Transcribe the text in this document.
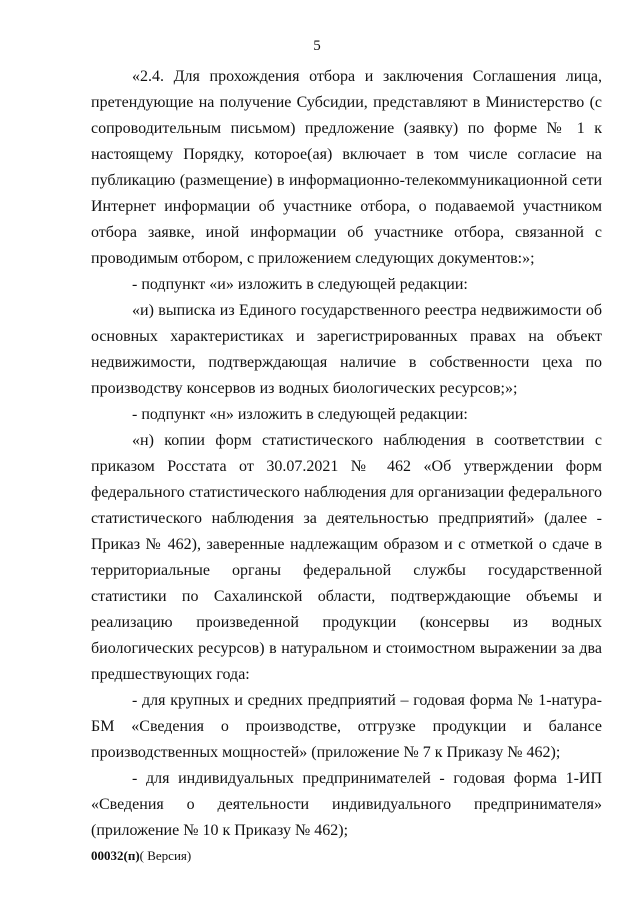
5

«2.4. Для прохождения отбора и заключения Соглашения лица, претендующие на получение Субсидии, представляют в Министерство (с сопроводительным письмом) предложение (заявку) по форме № 1 к настоящему Порядку, которое(ая) включает в том числе согласие на публикацию (размещение) в информационно-телекоммуникационной сети Интернет информации об участнике отбора, о подаваемой участником отбора заявке, иной информации об участнике отбора, связанной с проводимым отбором, с приложением следующих документов:»;

- подпункт «и» изложить в следующей редакции:

«и) выписка из Единого государственного реестра недвижимости об основных характеристиках и зарегистрированных правах на объект недвижимости, подтверждающая наличие в собственности цеха по производству консервов из водных биологических ресурсов;»;

- подпункт «н» изложить в следующей редакции:

«н) копии форм статистического наблюдения в соответствии с приказом Росстата от 30.07.2021 № 462 «Об утверждении форм федерального статистического наблюдения для организации федерального статистического наблюдения за деятельностью предприятий» (далее - Приказ № 462), заверенные надлежащим образом и с отметкой о сдаче в территориальные органы федеральной службы государственной статистики по Сахалинской области, подтверждающие объемы и реализацию произведенной продукции (консервы из водных биологических ресурсов) в натуральном и стоимостном выражении за два предшествующих года:

- для крупных и средних предприятий – годовая форма № 1-натура-БМ «Сведения о производстве, отгрузке продукции и балансе производственных мощностей» (приложение № 7 к Приказу № 462);

- для индивидуальных предпринимателей - годовая форма 1-ИП «Сведения о деятельности индивидуального предпринимателя» (приложение № 10 к Приказу № 462);

00032(п)( Версия)
